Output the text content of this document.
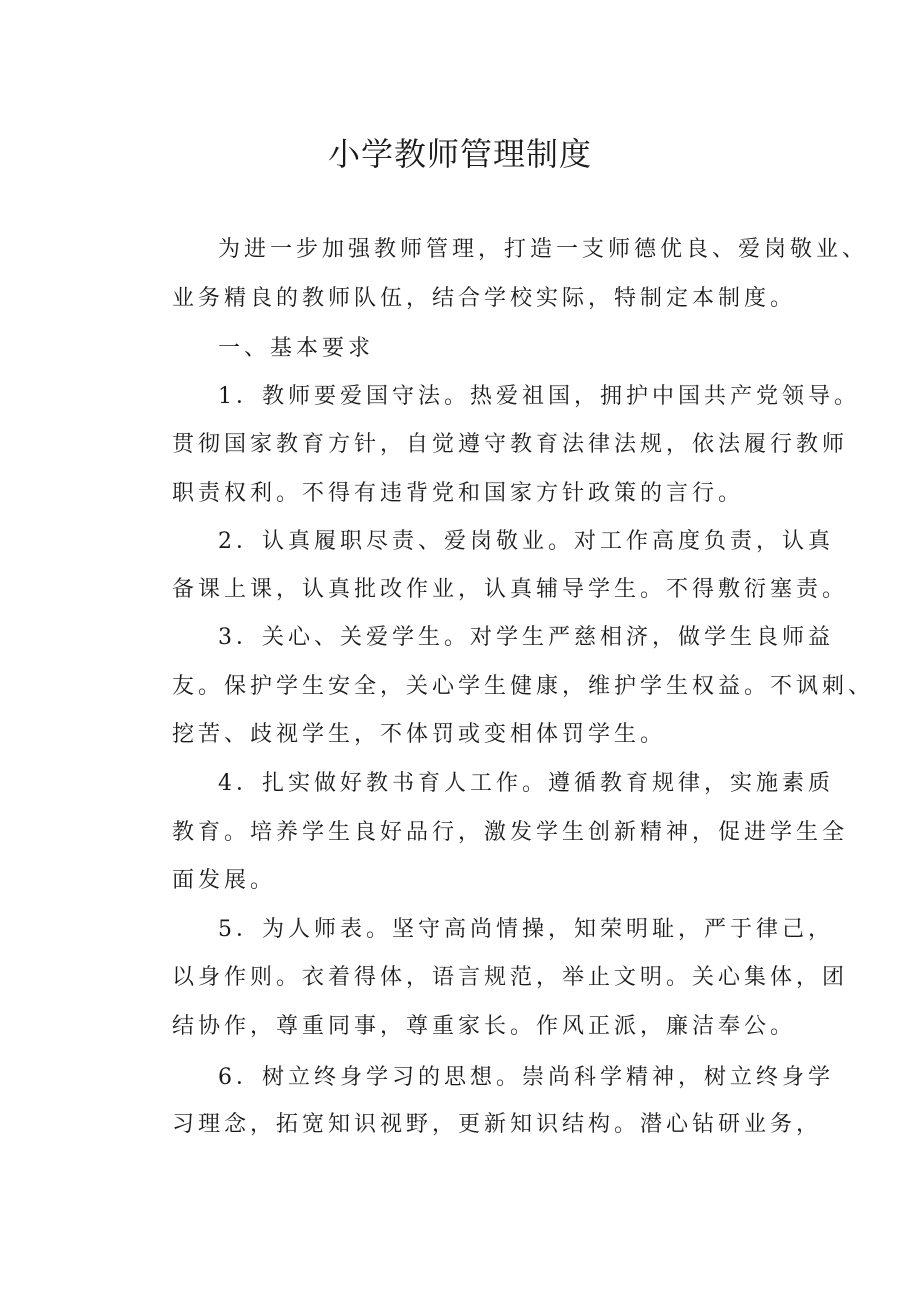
小学教师管理制度

为进一步加强教师管理，打造一支师德优良、爱岗敬业、

业务精良的教师队伍，结合学校实际，特制定本制度。

一、基本要求

1．教师要爱国守法。热爱祖国，拥护中国共产党领导。

贯彻国家教育方针，自觉遵守教育法律法规，依法履行教师

职责权利。不得有违背党和国家方针政策的言行。

2．认真履职尽责、爱岗敬业。对工作高度负责，认真

备课上课，认真批改作业，认真辅导学生。不得敷衍塞责。

3．关心、关爱学生。对学生严慈相济，做学生良师益

友。保护学生安全，关心学生健康，维护学生权益。不讽刺、

挖苦、歧视学生，不体罚或变相体罚学生。

4．扎实做好教书育人工作。遵循教育规律，实施素质

教育。培养学生良好品行，激发学生创新精神，促进学生全

面发展。

5．为人师表。坚守高尚情操，知荣明耻，严于律己，

以身作则。衣着得体，语言规范，举止文明。关心集体，团

结协作，尊重同事，尊重家长。作风正派，廉洁奉公。

6．树立终身学习的思想。崇尚科学精神，树立终身学

习理念，拓宽知识视野，更新知识结构。潜心钻研业务，
